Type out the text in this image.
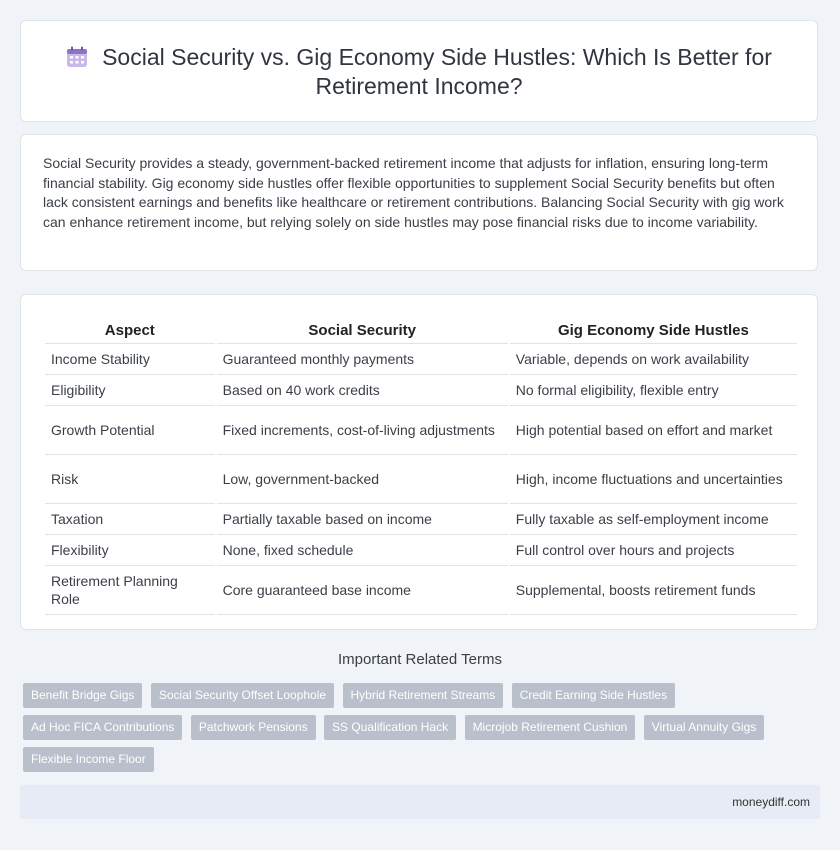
Social Security vs. Gig Economy Side Hustles: Which Is Better for Retirement Income?

Social Security provides a steady, government-backed retirement income that adjusts for inflation, ensuring long-term financial stability. Gig economy side hustles offer flexible opportunities to supplement Social Security benefits but often lack consistent earnings and benefits like healthcare or retirement contributions. Balancing Social Security with gig work can enhance retirement income, but relying solely on side hustles may pose financial risks due to income variability.

Aspect	Social Security	Gig Economy Side Hustles
Income Stability	Guaranteed monthly payments	Variable, depends on work availability
Eligibility	Based on 40 work credits	No formal eligibility, flexible entry
Growth Potential	Fixed increments, cost-of-living adjustments	High potential based on effort and market
Risk	Low, government-backed	High, income fluctuations and uncertainties
Taxation	Partially taxable based on income	Fully taxable as self-employment income
Flexibility	None, fixed schedule	Full control over hours and projects
Retirement Planning Role	Core guaranteed base income	Supplemental, boosts retirement funds
Important Related Terms
Benefit Bridge Gigs Social Security Offset Loophole Hybrid Retirement Streams Credit Earning Side Hustles Ad Hoc FICA Contributions Patchwork Pensions SS Qualification Hack Microjob Retirement Cushion Virtual Annuity Gigs Flexible Income Floor
moneydiff.com
